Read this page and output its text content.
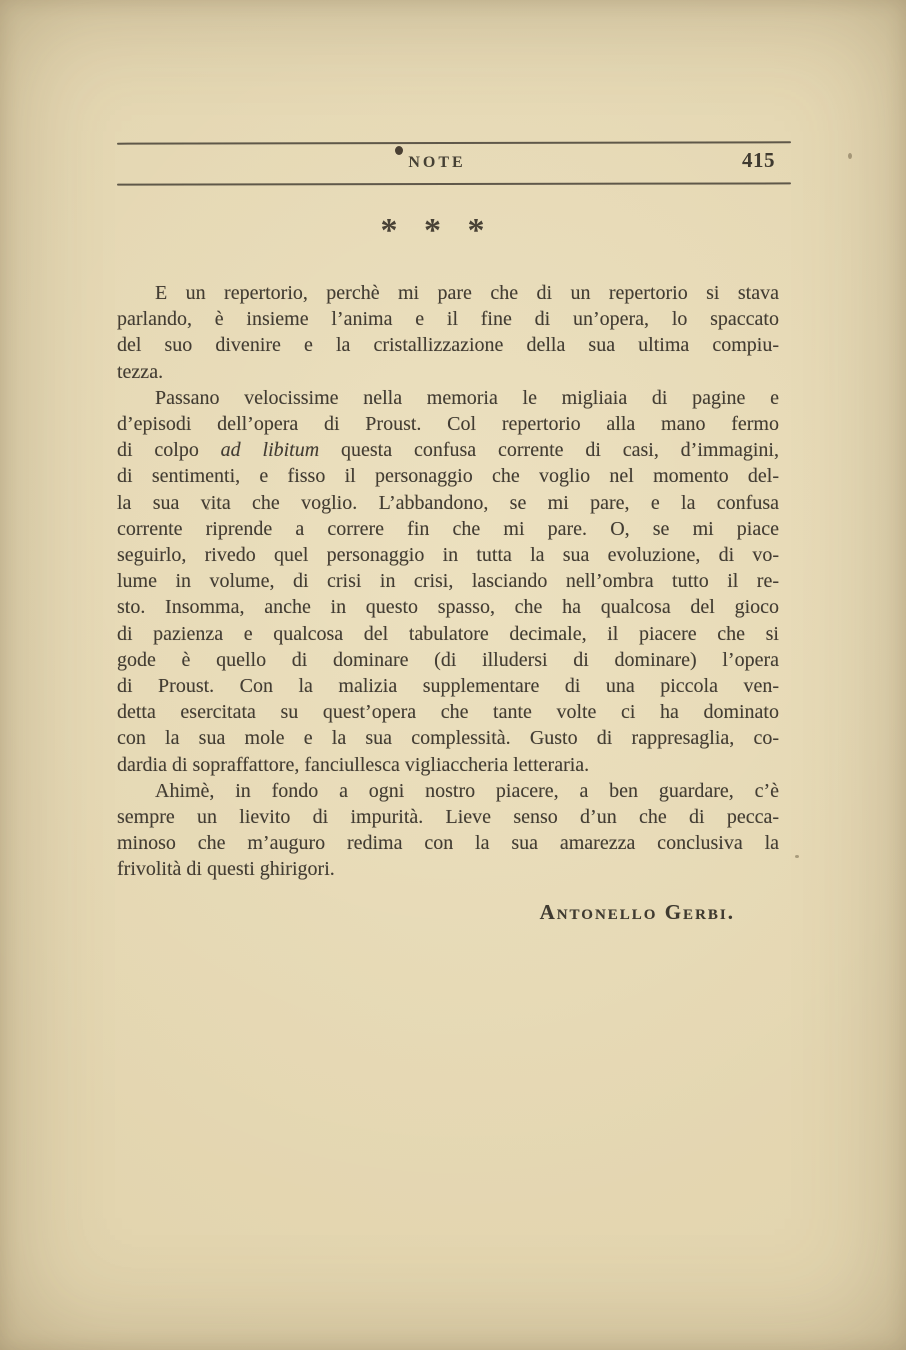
NOTE	415
* * *
E un repertorio, perchè mi pare che di un repertorio si stava
parlando, è insieme l’anima e il fine di un’opera, lo spaccato
del suo divenire e la cristallizzazione della sua ultima compiu-
tezza.
Passano velocissime nella memoria le migliaia di pagine e
d’episodi dell’opera di Proust. Col repertorio alla mano fermo
di colpo ad libitum questa confusa corrente di casi, d’immagini,
di sentimenti, e fisso il personaggio che voglio nel momento del-
la sua vita che voglio. L’abbandono, se mi pare, e la confusa
corrente riprende a correre fin che mi pare. O, se mi piace
seguirlo, rivedo quel personaggio in tutta la sua evoluzione, di vo-
lume in volume, di crisi in crisi, lasciando nell’ombra tutto il re-
sto. Insomma, anche in questo spasso, che ha qualcosa del gioco
di pazienza e qualcosa del tabulatore decimale, il piacere che si
gode è quello di dominare (di illudersi di dominare) l’opera
di Proust. Con la malizia supplementare di una piccola ven-
detta esercitata su quest’opera che tante volte ci ha dominato
con la sua mole e la sua complessità. Gusto di rappresaglia, co-
dardia di sopraffattore, fanciullesca vigliaccheria letteraria.
Ahimè, in fondo a ogni nostro piacere, a ben guardare, c’è
sempre un lievito di impurità. Lieve senso d’un che di pecca-
minoso che m’auguro redima con la sua amarezza conclusiva la
frivolità di questi ghirigori.
Antonello Gerbi.
